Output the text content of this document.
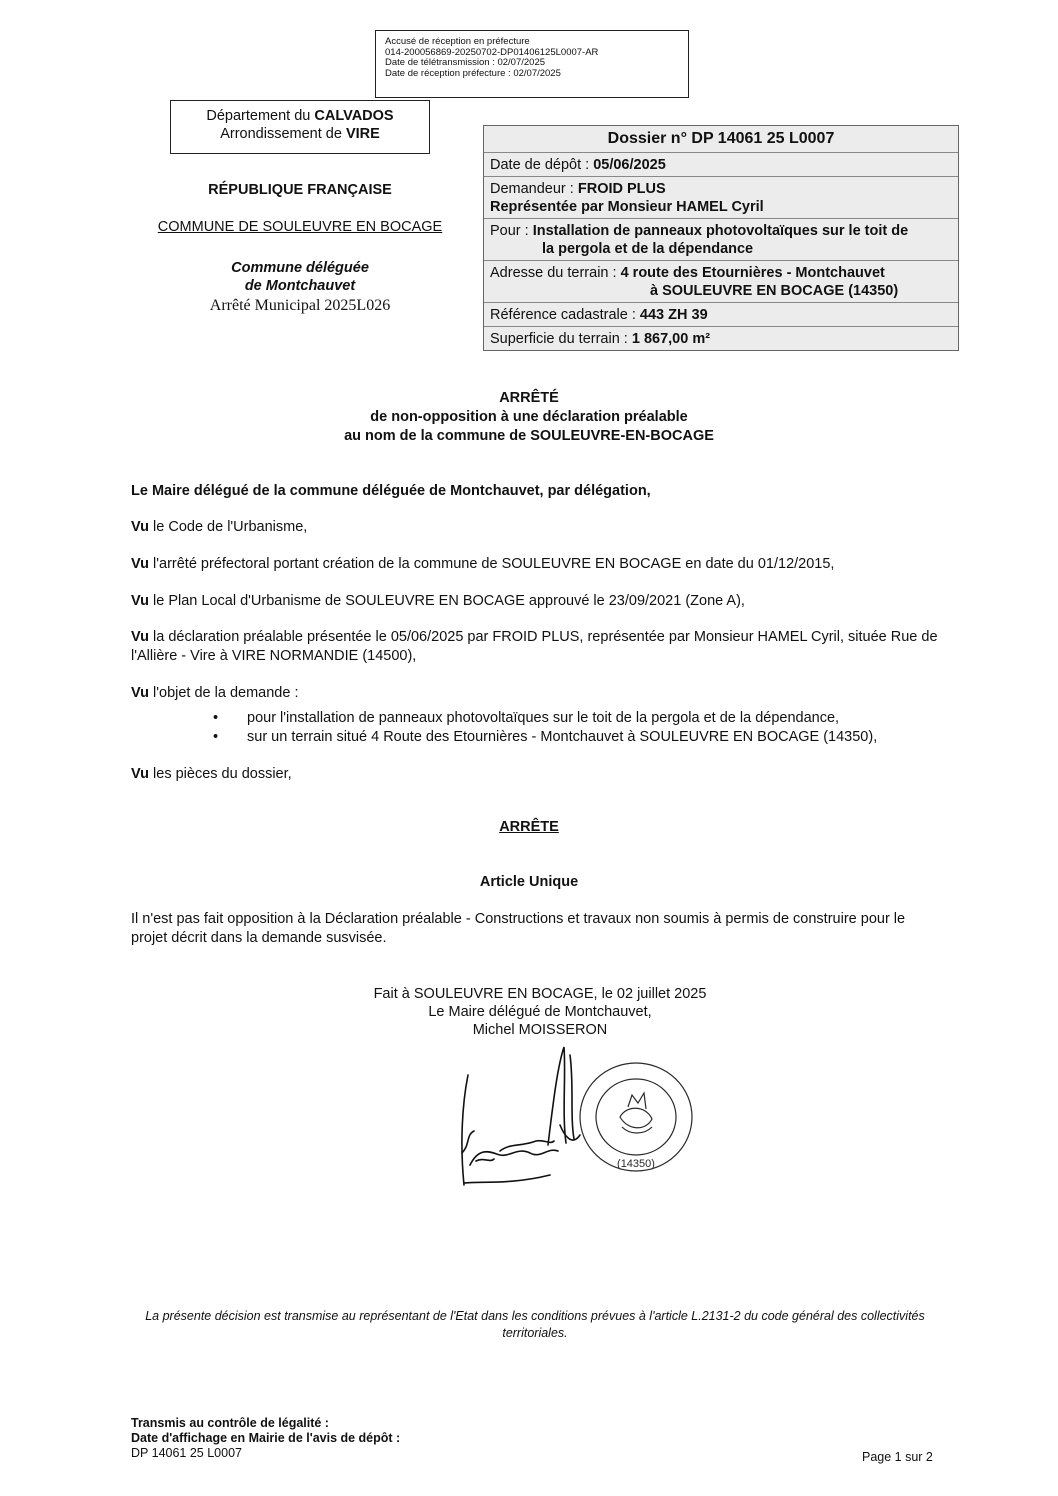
Accusé de réception en préfecture
014-200056869-20250702-DP01406125L0007-AR
Date de télétransmission : 02/07/2025
Date de réception préfecture : 02/07/2025
Département du CALVADOS
Arrondissement de VIRE
RÉPUBLIQUE FRANÇAISE
COMMUNE DE SOULEUVRE EN BOCAGE
Commune déléguée
de Montchauvet
Arrêté Municipal 2025L026
Dossier n° DP 14061 25 L0007
Date de dépôt : 05/06/2025
Demandeur : FROID PLUS
Représentée par Monsieur HAMEL Cyril
Pour : Installation de panneaux photovoltaïques sur le toit de
la pergola et de la dépendance
Adresse du terrain : 4 route des Etournières - Montchauvet
à SOULEUVRE EN BOCAGE (14350)
Référence cadastrale : 443 ZH 39
Superficie du terrain : 1 867,00 m²
ARRÊTÉ
de non-opposition à une déclaration préalable
au nom de la commune de SOULEUVRE-EN-BOCAGE
Le Maire délégué de la commune déléguée de Montchauvet, par délégation,
Vu le Code de l'Urbanisme,
Vu l'arrêté préfectoral portant création de la commune de SOULEUVRE EN BOCAGE en date du 01/12/2015,
Vu le Plan Local d'Urbanisme de SOULEUVRE EN BOCAGE approuvé le 23/09/2021 (Zone A),
Vu la déclaration préalable présentée le 05/06/2025 par FROID PLUS, représentée par Monsieur HAMEL Cyril, située Rue de l'Allière - Vire à VIRE NORMANDIE (14500),
Vu l'objet de la demande :
• pour l'installation de panneaux photovoltaïques sur le toit de la pergola et de la dépendance,
• sur un terrain situé 4 Route des Etournières - Montchauvet à SOULEUVRE EN BOCAGE (14350),
Vu les pièces du dossier,
ARRÊTE
Article Unique
Il n'est pas fait opposition à la Déclaration préalable - Constructions et travaux non soumis à permis de construire pour le projet décrit dans la demande susvisée.
Fait à SOULEUVRE EN BOCAGE, le 02 juillet 2025
Le Maire délégué de Montchauvet,
Michel MOISSERON
(14350)
La présente décision est transmise au représentant de l'Etat dans les conditions prévues à l'article L.2131-2 du code général des collectivités territoriales.
Transmis au contrôle de légalité :
Date d'affichage en Mairie de l'avis de dépôt :
DP 14061 25 L0007	Page 1 sur 2
